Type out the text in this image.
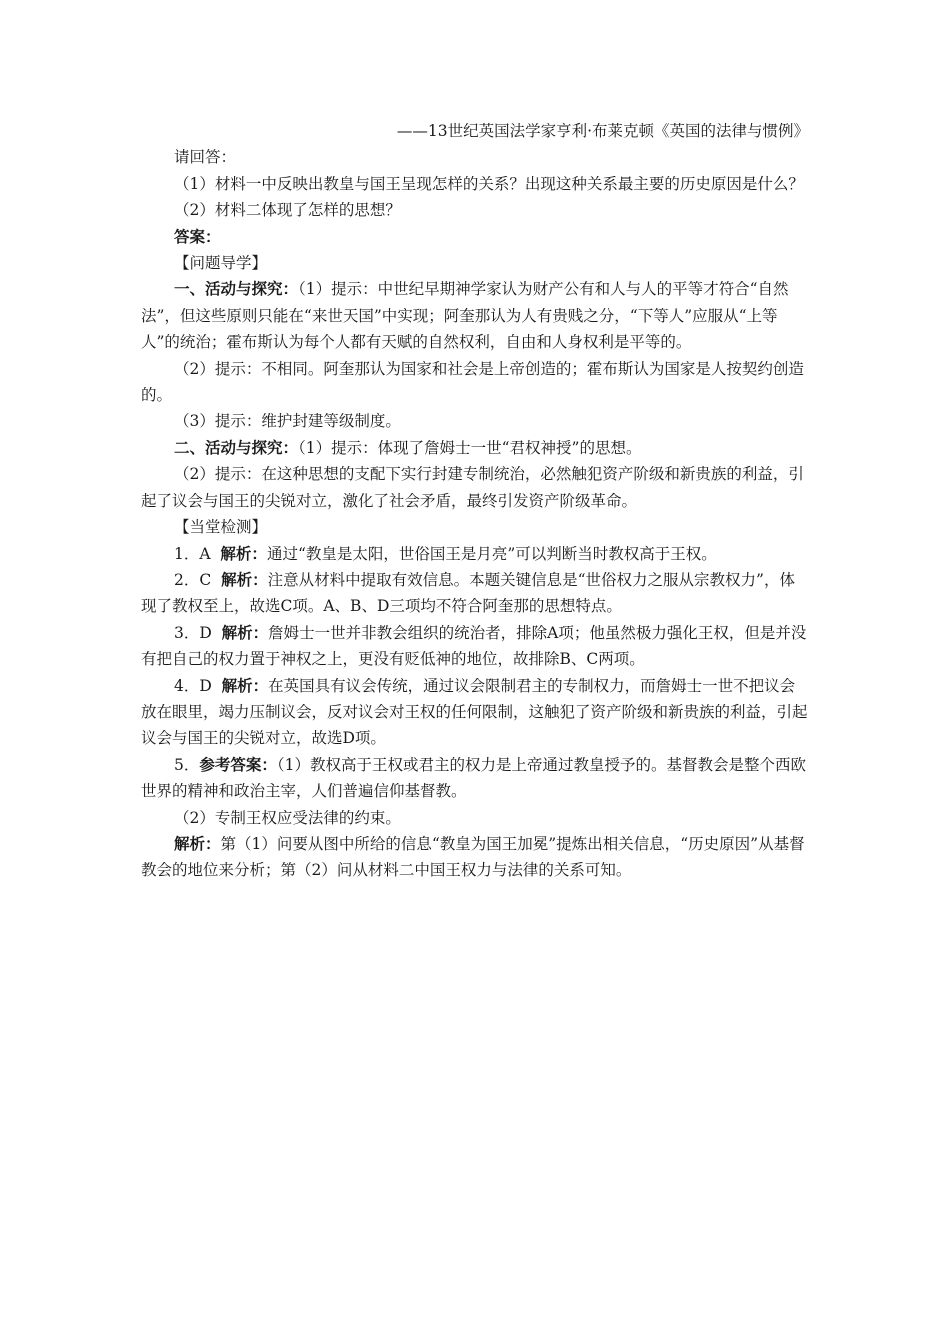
——13世纪英国法学家亨利·布莱克顿《英国的法律与惯例》

请回答：

（1）材料一中反映出教皇与国王呈现怎样的关系？出现这种关系最主要的历史原因是什么？

（2）材料二体现了怎样的思想？

答案：

【问题导学】

一、活动与探究：（1）提示：中世纪早期神学家认为财产公有和人与人的平等才符合“自然法”，但这些原则只能在“来世天国”中实现；阿奎那认为人有贵贱之分，“下等人”应服从“上等人”的统治；霍布斯认为每个人都有天赋的自然权利，自由和人身权利是平等的。

（2）提示：不相同。阿奎那认为国家和社会是上帝创造的；霍布斯认为国家是人按契约创造的。

（3）提示：维护封建等级制度。

二、活动与探究：（1）提示：体现了詹姆士一世“君权神授”的思想。

（2）提示：在这种思想的支配下实行封建专制统治，必然触犯资产阶级和新贵族的利益，引起了议会与国王的尖锐对立，激化了社会矛盾，最终引发资产阶级革命。

【当堂检测】

1．A 解析：通过“教皇是太阳，世俗国王是月亮”可以判断当时教权高于王权。

2．C 解析：注意从材料中提取有效信息。本题关键信息是“世俗权力之服从宗教权力”，体现了教权至上，故选C项。A、B、D三项均不符合阿奎那的思想特点。

3．D 解析：詹姆士一世并非教会组织的统治者，排除A项；他虽然极力强化王权，但是并没有把自己的权力置于神权之上，更没有贬低神的地位，故排除B、C两项。

4．D 解析：在英国具有议会传统，通过议会限制君主的专制权力，而詹姆士一世不把议会放在眼里，竭力压制议会，反对议会对王权的任何限制，这触犯了资产阶级和新贵族的利益，引起议会与国王的尖锐对立，故选D项。

5．参考答案：（1）教权高于王权或君主的权力是上帝通过教皇授予的。基督教会是整个西欧世界的精神和政治主宰，人们普遍信仰基督教。

（2）专制王权应受法律的约束。

解析：第（1）问要从图中所给的信息“教皇为国王加冕”提炼出相关信息，“历史原因”从基督教会的地位来分析；第（2）问从材料二中国王权力与法律的关系可知。
